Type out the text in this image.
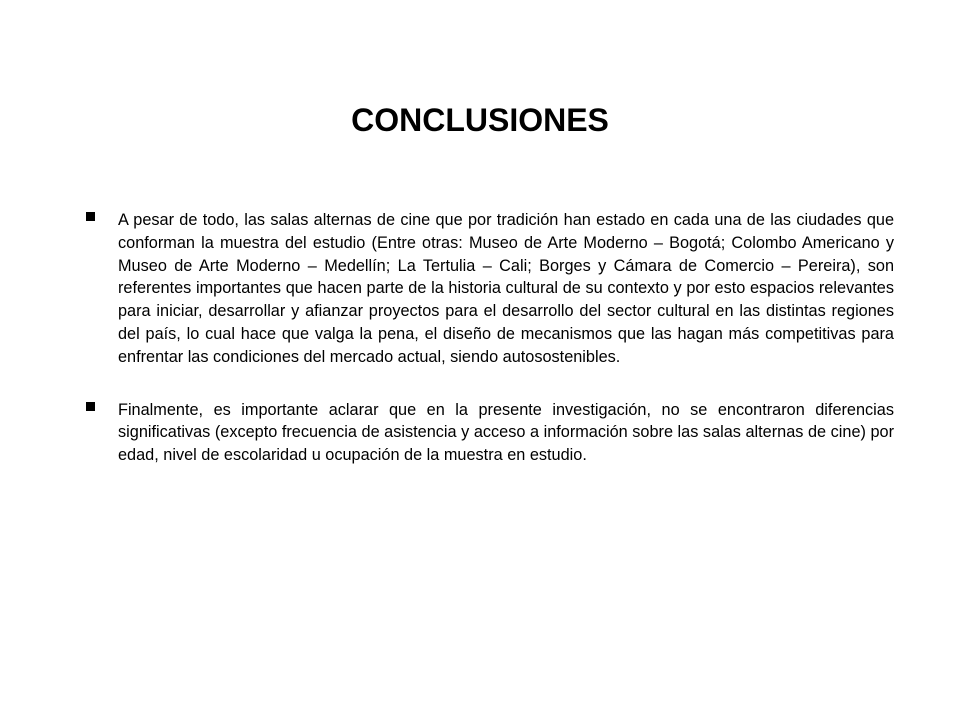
CONCLUSIONES
A pesar de todo, las salas alternas de cine que por tradición han estado en cada una de las ciudades que conforman la muestra del estudio (Entre otras: Museo de Arte Moderno – Bogotá; Colombo Americano y Museo de Arte Moderno – Medellín; La Tertulia – Cali; Borges y Cámara de Comercio – Pereira), son referentes importantes que hacen parte de la historia cultural de su contexto y por esto espacios relevantes para iniciar, desarrollar y afianzar proyectos para el desarrollo del sector cultural en las distintas regiones del país, lo cual hace que valga la pena, el diseño de mecanismos que las hagan más competitivas para enfrentar las condiciones del mercado actual, siendo autosostenibles.
Finalmente, es importante aclarar que en la presente investigación, no se encontraron diferencias significativas (excepto frecuencia de asistencia y acceso a información sobre las salas alternas de cine) por edad, nivel de escolaridad u ocupación de la muestra en estudio.
